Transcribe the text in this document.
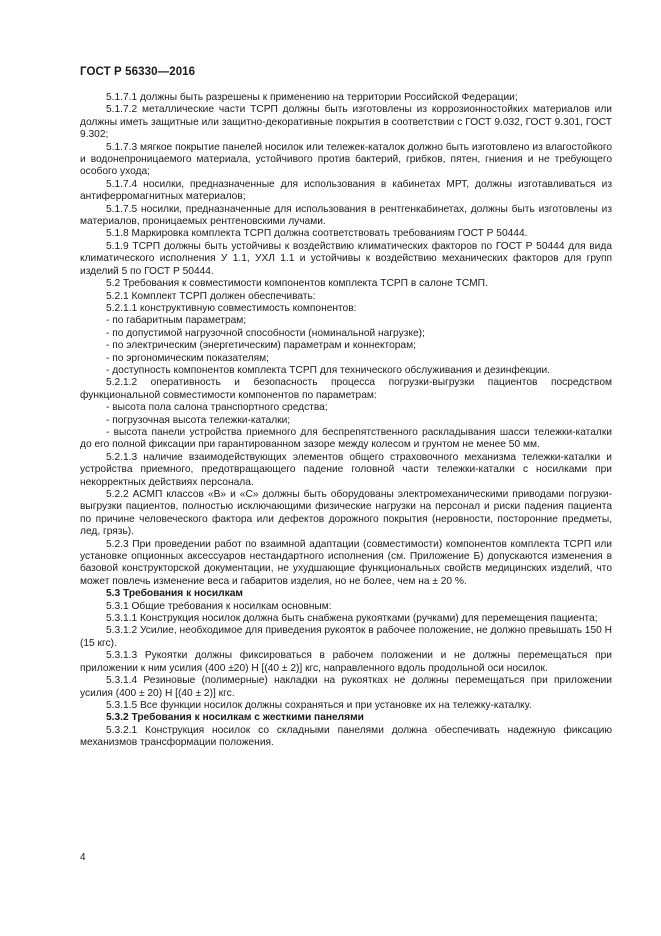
ГОСТ Р 56330—2016

5.1.7.1 должны быть разрешены к применению на территории Российской Федерации;

5.1.7.2 металлические части ТСРП должны быть изготовлены из коррозионностойких материалов или должны иметь защитные или защитно-декоративные покрытия в соответствии с ГОСТ 9.032, ГОСТ 9.301, ГОСТ 9.302;

5.1.7.3 мягкое покрытие панелей носилок или тележек-каталок должно быть изготовлено из влагостойкого и водонепроницаемого материала, устойчивого против бактерий, грибков, пятен, гниения и не требующего особого ухода;

5.1.7.4 носилки, предназначенные для использования в кабинетах МРТ, должны изготавливаться из антиферромагнитных материалов;

5.1.7.5 носилки, предназначенные для использования в рентгенкабинетах, должны быть изготовлены из материалов, проницаемых рентгеновскими лучами.

5.1.8 Маркировка комплекта ТСРП должна соответствовать требованиям ГОСТ Р 50444.

5.1.9 ТСРП должны быть устойчивы к воздействию климатических факторов по ГОСТ Р 50444 для вида климатического исполнения У 1.1, УХЛ 1.1 и устойчивы к воздействию механических факторов для групп изделий 5 по ГОСТ Р 50444.

5.2 Требования к совместимости компонентов комплекта ТСРП в салоне ТСМП.

5.2.1 Комплект ТСРП должен обеспечивать:

5.2.1.1 конструктивную совместимость компонентов:

- по габаритным параметрам;

- по допустимой нагрузочной способности (номинальной нагрузке);

- по электрическим (энергетическим) параметрам и коннекторам;

- по эргономическим показателям;

- доступность компонентов комплекта ТСРП для технического обслуживания и дезинфекции.

5.2.1.2 оперативность и безопасность процесса погрузки-выгрузки пациентов посредством функциональной совместимости компонентов по параметрам:

- высота пола салона транспортного средства;

- погрузочная высота тележки-каталки;

- высота панели устройства приемного для беспрепятственного раскладывания шасси тележки-каталки до его полной фиксации при гарантированном зазоре между колесом и грунтом не менее 50 мм.

5.2.1.3 наличие взаимодействующих элементов общего страховочного механизма тележки-каталки и устройства приемного, предотвращающего падение головной части тележки-каталки с носилками при некорректных действиях персонала.

5.2.2 АСМП классов «В» и «С» должны быть оборудованы электромеханическими приводами погрузки-выгрузки пациентов, полностью исключающими физические нагрузки на персонал и риски падения пациента по причине человеческого фактора или дефектов дорожного покрытия (неровности, посторонние предметы, лед, грязь).

5.2.3 При проведении работ по взаимной адаптации (совместимости) компонентов комплекта ТСРП или установке опционных аксессуаров нестандартного исполнения (см. Приложение Б) допускаются изменения в базовой конструкторской документации, не ухудшающие функциональных свойств медицинских изделий, что может повлечь изменение веса и габаритов изделия, но не более, чем на ± 20 %.

5.3 Требования к носилкам

5.3.1 Общие требования к носилкам основным:

5.3.1.1 Конструкция носилок должна быть снабжена рукоятками (ручками) для перемещения пациента;

5.3.1.2 Усилие, необходимое для приведения рукояток в рабочее положение, не должно превышать 150 Н (15 кгс).

5.3.1.3 Рукоятки должны фиксироваться в рабочем положении и не должны перемещаться при приложении к ним усилия (400 ±20) Н [(40 ± 2)] кгс, направленного вдоль продольной оси носилок.

5.3.1.4 Резиновые (полимерные) накладки на рукоятках не должны перемещаться при приложении усилия (400 ± 20) Н [(40 ± 2)] кгс.

5.3.1.5 Все функции носилок должны сохраняться и при установке их на тележку-каталку.

5.3.2 Требования к носилкам с жесткими панелями

5.3.2.1 Конструкция носилок со складными панелями должна обеспечивать надежную фиксацию механизмов трансформации положения.

4
